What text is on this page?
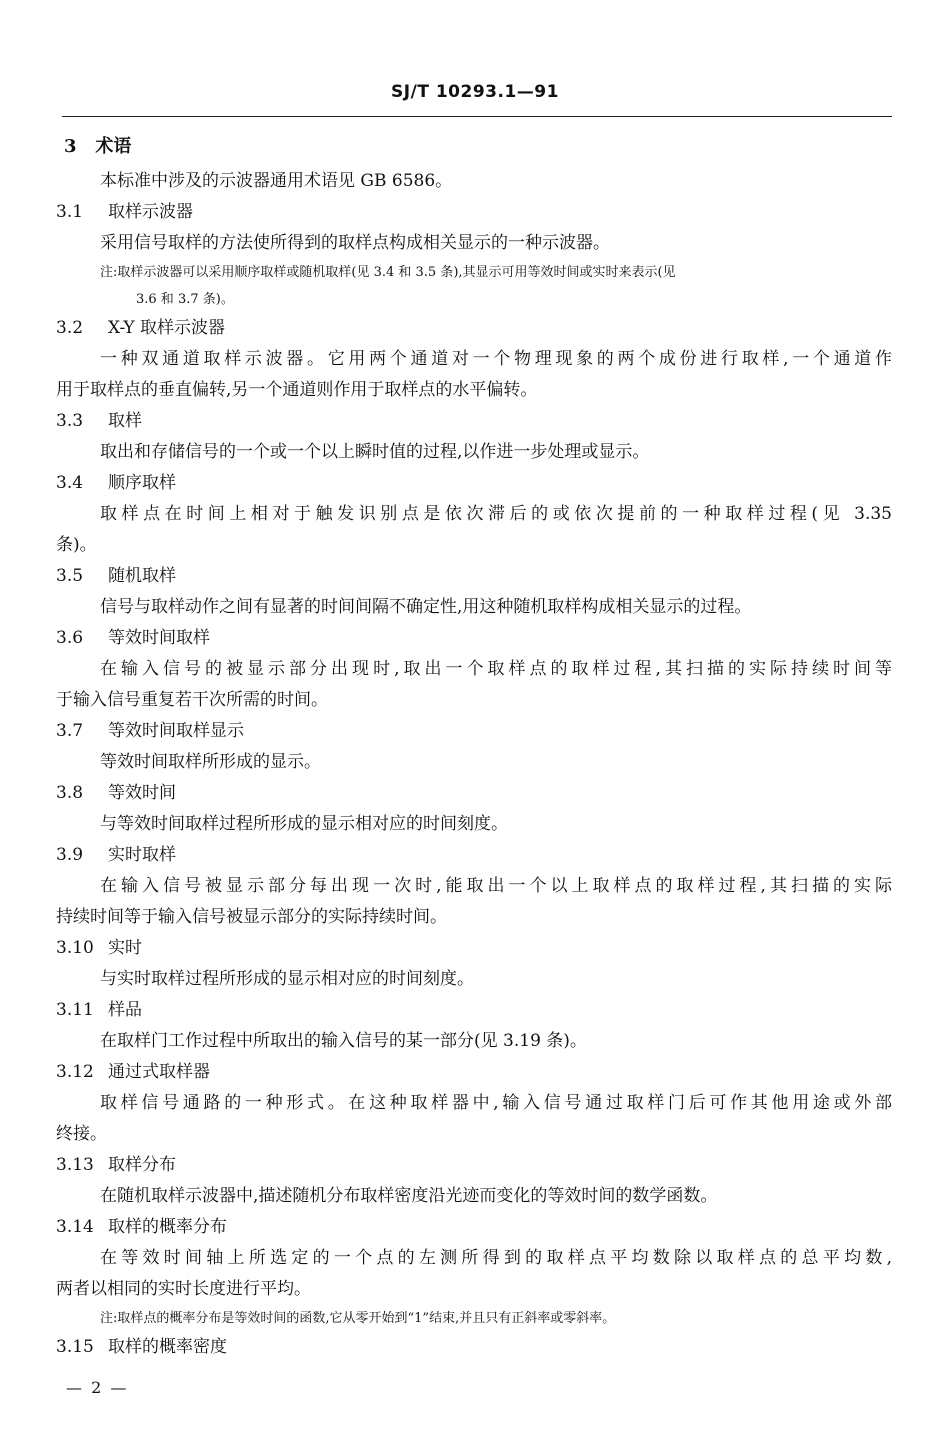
SJ/T 10293.1—91
3 术语
本标准中涉及的示波器通用术语见 GB 6586。
3.1 取样示波器
采用信号取样的方法使所得到的取样点构成相关显示的一种示波器。
注:取样示波器可以采用顺序取样或随机取样(见 3.4 和 3.5 条),其显示可用等效时间或实时来表示(见
3.6 和 3.7 条)。
3.2 X-Y 取样示波器
一种双通道取样示波器。它用两个通道对一个物理现象的两个成份进行取样,一个通道作
用于取样点的垂直偏转,另一个通道则作用于取样点的水平偏转。
3.3 取样
取出和存储信号的一个或一个以上瞬时值的过程,以作进一步处理或显示。
3.4 顺序取样
取样点在时间上相对于触发识别点是依次滞后的或依次提前的一种取样过程(见 3.35
条)。
3.5 随机取样
信号与取样动作之间有显著的时间间隔不确定性,用这种随机取样构成相关显示的过程。
3.6 等效时间取样
在输入信号的被显示部分出现时,取出一个取样点的取样过程,其扫描的实际持续时间等
于输入信号重复若干次所需的时间。
3.7 等效时间取样显示
等效时间取样所形成的显示。
3.8 等效时间
与等效时间取样过程所形成的显示相对应的时间刻度。
3.9 实时取样
在输入信号被显示部分每出现一次时,能取出一个以上取样点的取样过程,其扫描的实际
持续时间等于输入信号被显示部分的实际持续时间。
3.10 实时
与实时取样过程所形成的显示相对应的时间刻度。
3.11 样品
在取样门工作过程中所取出的输入信号的某一部分(见 3.19 条)。
3.12 通过式取样器
取样信号通路的一种形式。在这种取样器中,输入信号通过取样门后可作其他用途或外部
终接。
3.13 取样分布
在随机取样示波器中,描述随机分布取样密度沿光迹而变化的等效时间的数学函数。
3.14 取样的概率分布
在等效时间轴上所选定的一个点的左测所得到的取样点平均数除以取样点的总平均数,
两者以相同的实时长度进行平均。
注:取样点的概率分布是等效时间的函数,它从零开始到“1”结束,并且只有正斜率或零斜率。
3.15 取样的概率密度
— 2 —
